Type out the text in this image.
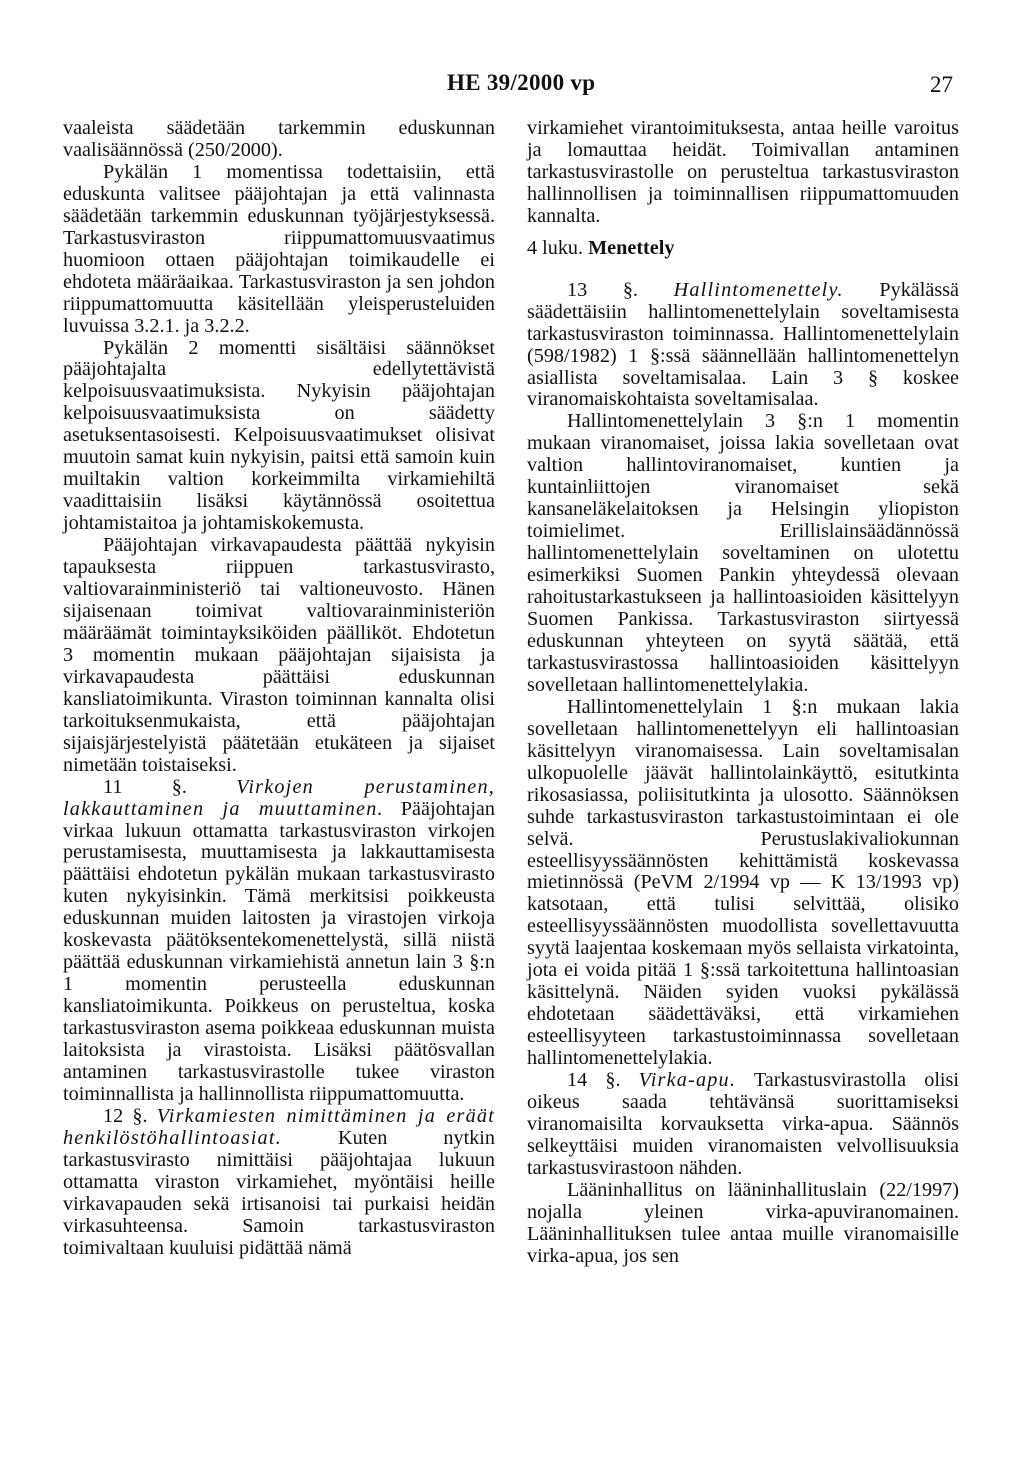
HE 39/2000 vp	27

vaaleista säädetään tarkemmin eduskunnan vaalisäännössä (250/2000).

Pykälän 1 momentissa todettaisiin, että eduskunta valitsee pääjohtajan ja että valinnasta säädetään tarkemmin eduskunnan työjärjestyksessä. Tarkastusviraston riippumattomuusvaatimus huomioon ottaen pääjohtajan toimikaudelle ei ehdoteta määräaikaa. Tarkastusviraston ja sen johdon riippumattomuutta käsitellään yleisperusteluiden luvuissa 3.2.1. ja 3.2.2.

Pykälän 2 momentti sisältäisi säännökset pääjohtajalta edellytettävistä kelpoisuusvaatimuksista. Nykyisin pääjohtajan kelpoisuusvaatimuksista on säädetty asetuksentasoisesti. Kelpoisuusvaatimukset olisivat muutoin samat kuin nykyisin, paitsi että samoin kuin muiltakin valtion korkeimmilta virkamiehiltä vaadittaisiin lisäksi käytännössä osoitettua johtamistaitoa ja johtamiskokemusta.

Pääjohtajan virkavapaudesta päättää nykyisin tapauksesta riippuen tarkastusvirasto, valtiovarainministeriö tai valtioneuvosto. Hänen sijaisenaan toimivat valtiovarainministeriön määräämät toimintayksiköiden päälliköt. Ehdotetun 3 momentin mukaan pääjohtajan sijaisista ja virkavapaudesta päättäisi eduskunnan kansliatoimikunta. Viraston toiminnan kannalta olisi tarkoituksenmukaista, että pääjohtajan sijaisjärjestelyistä päätetään etukäteen ja sijaiset nimetään toistaiseksi.

11 §. Virkojen perustaminen, lakkauttaminen ja muuttaminen. Pääjohtajan virkaa lukuun ottamatta tarkastusviraston virkojen perustamisesta, muuttamisesta ja lakkauttamisesta päättäisi ehdotetun pykälän mukaan tarkastusvirasto kuten nykyisinkin. Tämä merkitsisi poikkeusta eduskunnan muiden laitosten ja virastojen virkoja koskevasta päätöksentekomenettelystä, sillä niistä päättää eduskunnan virkamiehistä annetun lain 3 §:n 1 momentin perusteella eduskunnan kansliatoimikunta. Poikkeus on perusteltua, koska tarkastusviraston asema poikkeaa eduskunnan muista laitoksista ja virastoista. Lisäksi päätösvallan antaminen tarkastusvirastolle tukee viraston toiminnallista ja hallinnollista riippumattomuutta.

12 §. Virkamiesten nimittäminen ja eräät henkilöstöhallintoasiat.	Kuten nytkin tarkastusvirasto nimittäisi pääjohtajaa lukuun ottamatta viraston virkamiehet, myöntäisi heille virkavapauden sekä irtisanoisi tai purkaisi heidän virkasuhteensa. Samoin tarkastusviraston toimivaltaan kuuluisi pidättää nämä

virkamiehet virantoimituksesta, antaa heille varoitus ja lomauttaa heidät. Toimivallan antaminen tarkastusvirastolle on perusteltua tarkastusviraston hallinnollisen ja toiminnallisen riippumattomuuden kannalta.

4 luku. Menettely

13 §. Hallintomenettely. Pykälässä säädettäisiin hallintomenettelylain soveltamisesta tarkastusviraston toiminnassa. Hallintomenettelylain (598/1982) 1 §:ssä säännellään hallintomenettelyn asiallista soveltamisalaa. Lain 3 § koskee viranomaiskohtaista soveltamisalaa.

Hallintomenettelylain 3 §:n 1 momentin mukaan viranomaiset, joissa lakia sovelletaan ovat valtion hallintoviranomaiset, kuntien ja kuntainliittojen viranomaiset sekä kansaneläkelaitoksen ja Helsingin yliopiston toimielimet. Erillislainsäädännössä hallintomenettelylain soveltaminen on ulotettu esimerkiksi Suomen Pankin yhteydessä olevaan rahoitustarkastukseen ja hallintoasioiden käsittelyyn Suomen Pankissa. Tarkastusviraston siirtyessä eduskunnan yhteyteen on syytä säätää, että tarkastusvirastossa hallintoasioiden käsittelyyn sovelletaan hallintomenettelylakia.

Hallintomenettelylain 1 §:n mukaan lakia sovelletaan hallintomenettelyyn eli hallintoasian käsittelyyn viranomaisessa. Lain soveltamisalan ulkopuolelle jäävät hallintolainkäyttö, esitutkinta rikosasiassa, poliisitutkinta ja ulosotto. Säännöksen suhde tarkastusviraston tarkastustoimintaan ei ole selvä. Perustuslakivaliokunnan esteellisyyssäännösten kehittämistä koskevassa mietinnössä (PeVM 2/1994 vp — K 13/1993 vp) katsotaan, että tulisi selvittää, olisiko esteellisyyssäännösten muodollista sovellettavuutta syytä laajentaa koskemaan myös sellaista virkatointa, jota ei voida pitää 1 §:ssä tarkoitettuna hallintoasian käsittelynä. Näiden syiden vuoksi pykälässä ehdotetaan säädettäväksi, että virkamiehen esteellisyyteen tarkastustoiminnassa sovelletaan hallintomenettelylakia.

14 §. Virka-apu. Tarkastusvirastolla olisi oikeus saada tehtävänsä suorittamiseksi viranomaisilta korvauksetta virka-apua. Säännös selkeyttäisi muiden viranomaisten velvollisuuksia tarkastusvirastoon nähden.

Lääninhallitus on lääninhallituslain (22/1997) nojalla yleinen virka-apuviranomainen. Lääninhallituksen tulee antaa muille viranomaisille virka-apua, jos sen
